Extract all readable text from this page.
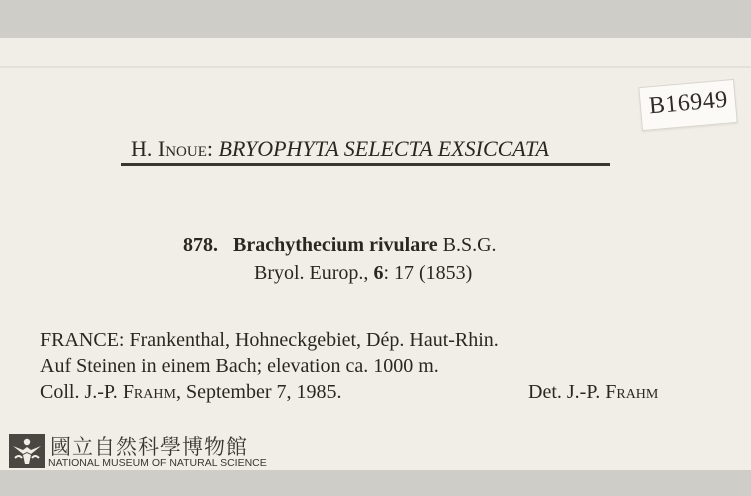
B16949
H. Inoue: BRYOPHYTA SELECTA EXSICCATA
878. Brachythecium rivulare B.S.G.
Bryol. Europ., 6: 17 (1853)
FRANCE: Frankenthal, Hohneckgebiet, Dép. Haut-Rhin.
Auf Steinen in einem Bach; elevation ca. 1000 m.
Coll. J.-P. Frahm, September 7, 1985.	Det. J.-P. Frahm
國立自然科學博物館
NATIONAL MUSEUM OF NATURAL SCIENCE
